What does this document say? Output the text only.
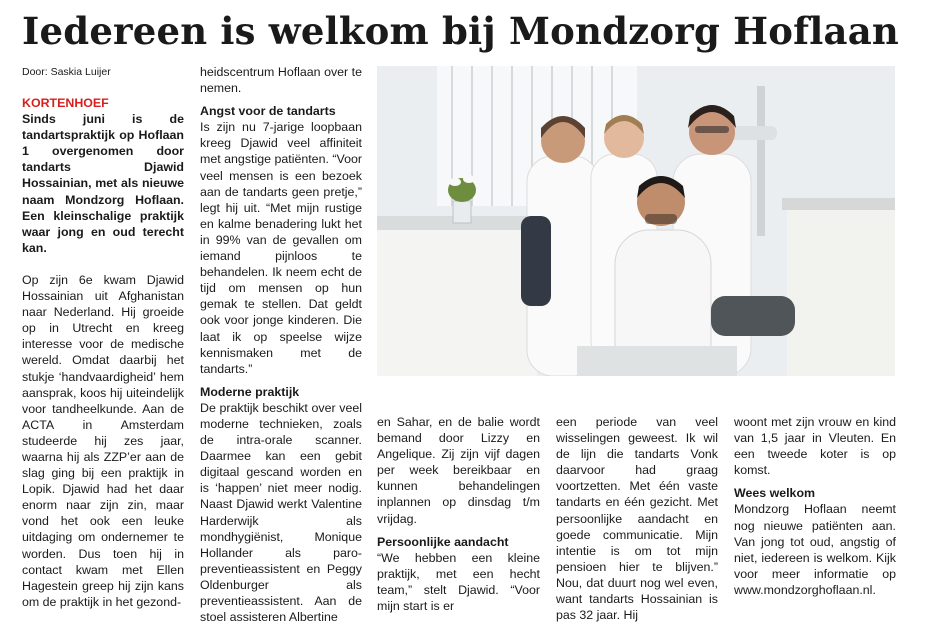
Iedereen is welkom bij Mondzorg Hoflaan
Door: Saskia Luijer

KORTENHOEF

Sinds juni is de tandartspraktijk op Hoflaan 1 overgenomen door tandarts Djawid Hossainian, met als nieuwe naam Mondzorg Hoflaan. Een kleinschalige praktijk waar jong en oud terecht kan.

Op zijn 6e kwam Djawid Hossainian uit Afghanistan naar Nederland. Hij groeide op in Utrecht en kreeg interesse voor de medische wereld. Omdat daarbij het stukje ‘handvaardigheid’ hem aansprak, koos hij uiteindelijk voor tandheelkunde. Aan de ACTA in Amsterdam studeerde hij zes jaar, waarna hij als ZZP’er aan de slag ging bij een praktijk in Lopik. Djawid had het daar enorm naar zijn zin, maar vond het ook een leuke uitdaging om ondernemer te worden. Dus toen hij in contact kwam met Ellen Hagestein greep hij zijn kans om de praktijk in het gezond-

heidscentrum Hoflaan over te nemen.

Angst voor de tandarts

Is zijn nu 7-jarige loopbaan kreeg Djawid veel affiniteit met angstige patiënten. “Voor veel mensen is een bezoek aan de tandarts geen pretje,” legt hij uit. “Met mijn rustige en kalme benadering lukt het in 99% van de gevallen om iemand pijnloos te behandelen. Ik neem echt de tijd om mensen op hun gemak te stellen. Dat geldt ook voor jonge kinderen. Die laat ik op speelse wijze kennismaken met de tandarts.”

Moderne praktijk

De praktijk beschikt over veel moderne technieken, zoals de intra-orale scanner. Daarmee kan een gebit digitaal gescand worden en is ‘happen’ niet meer nodig. Naast Djawid werkt Valentine Harderwijk als mondhygiënist, Monique Hollander als paro-preventieassistent en Peggy Oldenburger als preventieassistent. Aan de stoel assisteren Albertine

en Sahar, en de balie wordt bemand door Lizzy en Angelique. Zij zijn vijf dagen per week bereikbaar en kunnen behandelingen inplannen op dinsdag t/m vrijdag.

Persoonlijke aandacht

“We hebben een kleine praktijk, met een hecht team,” stelt Djawid. “Voor mijn start is er

een periode van veel wisselingen geweest. Ik wil de lijn die tandarts Vonk daarvoor had graag voortzetten. Met één vaste tandarts en één gezicht. Met persoonlijke aandacht en goede communicatie. Mijn intentie is om tot mijn pensioen hier te blijven.” Nou, dat duurt nog wel even, want tandarts Hossainian is pas 32 jaar. Hij

woont met zijn vrouw en kind van 1,5 jaar in Vleuten. En een tweede koter is op komst.

Wees welkom

Mondzorg Hoflaan neemt nog nieuwe patiënten aan. Van jong tot oud, angstig of niet, iedereen is welkom. Kijk voor meer informatie op www.mondzorghoflaan.nl.
